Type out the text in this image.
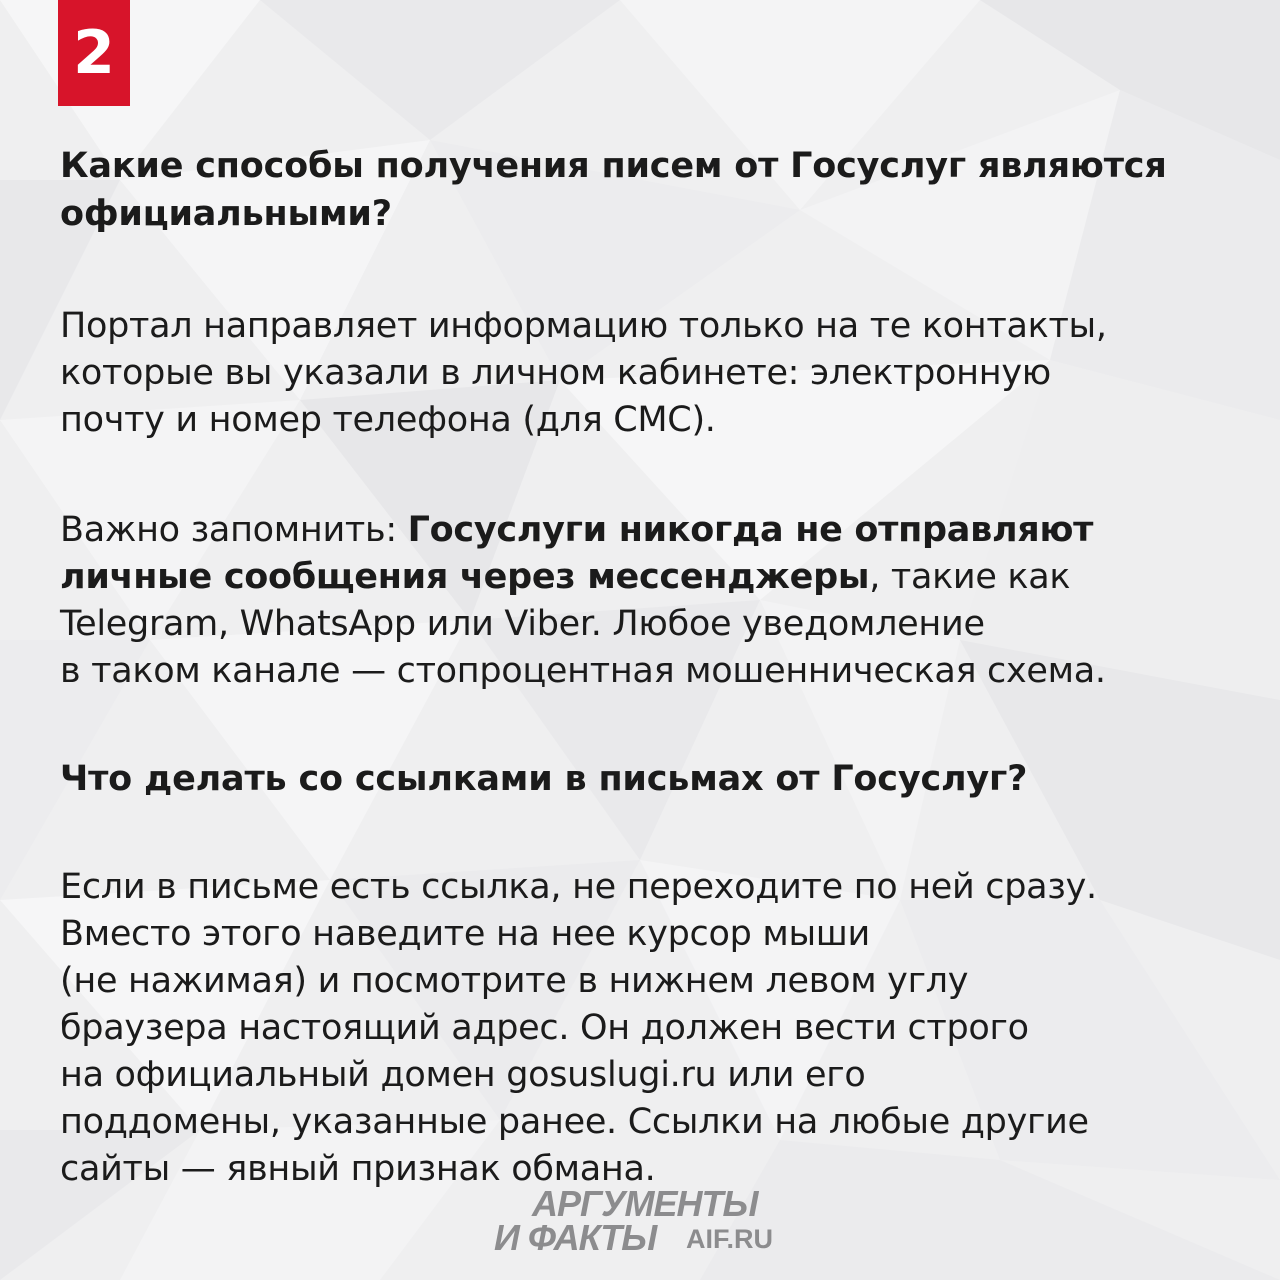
2
Какие способы получения писем от Госуслуг являются
официальными?

Портал направляет информацию только на те контакты,
которые вы указали в личном кабинете: электронную
почту и номер телефона (для СМС).

Важно запомнить: Госуслуги никогда не отправляют
личные сообщения через мессенджеры, такие как
Telegram, WhatsApp или Viber. Любое уведомление
в таком канале — стопроцентная мошенническая схема.

Что делать со ссылками в письмах от Госуслуг?

Если в письме есть ссылка, не переходите по ней сразу.
Вместо этого наведите на нее курсор мыши
(не нажимая) и посмотрите в нижнем левом углу
браузера настоящий адрес. Он должен вести строго
на официальный домен gosuslugi.ru или его
поддомены, указанные ранее. Ссылки на любые другие
сайты — явный признак обмана.

АРГУМЕНТЫ
И ФАКТЫ AIF.RU
